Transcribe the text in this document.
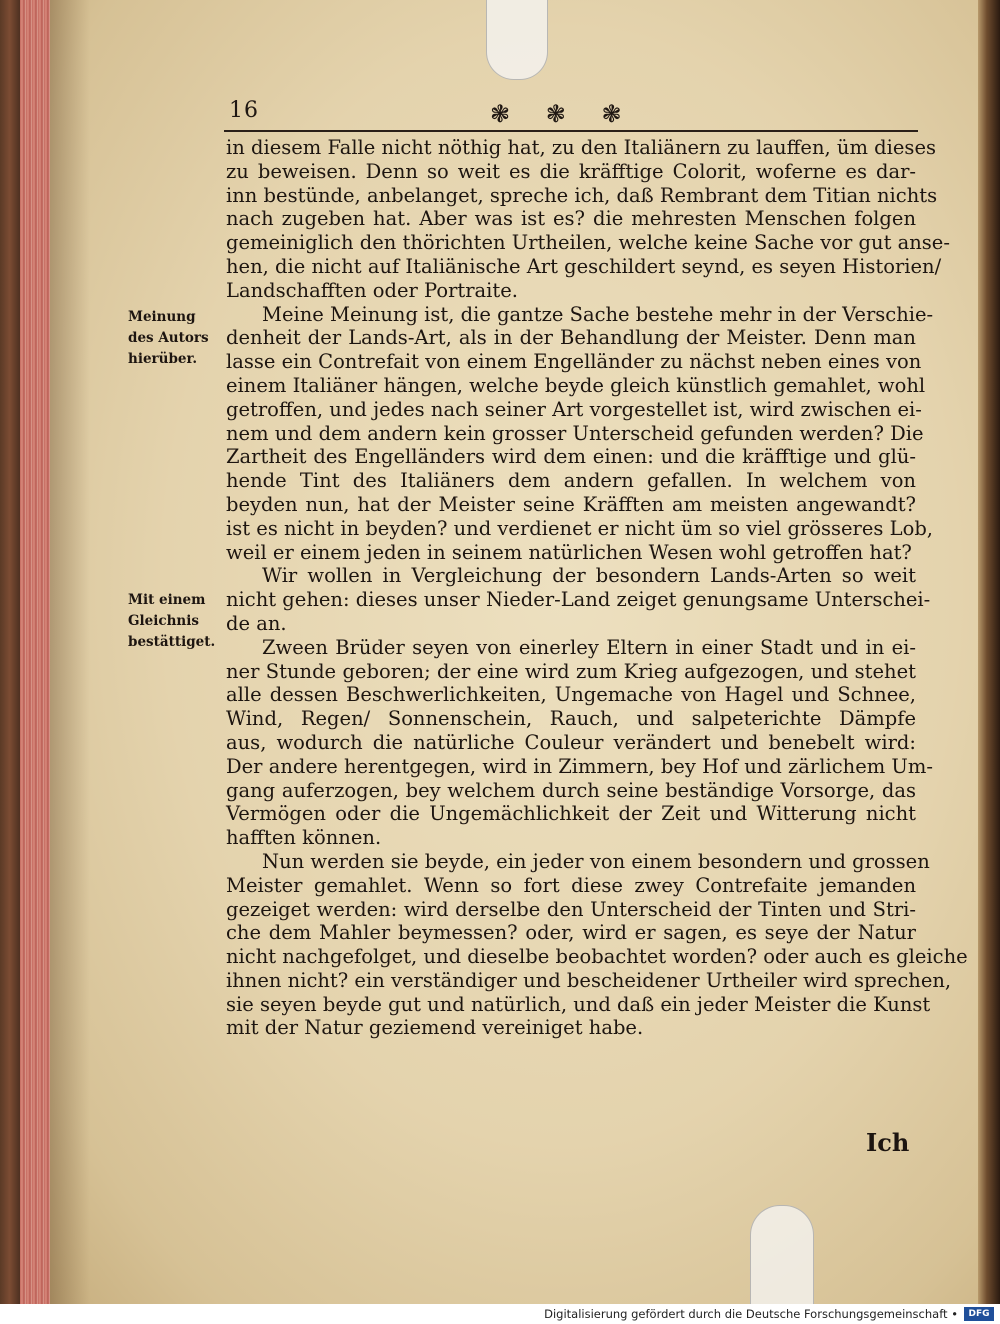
16	❃ ❃ ❃
Meinung
des Autors
hierüber.
Mit einem
Gleichnis
bestättiget.
in diesem Falle nicht nöthig hat, zu den Italiänern zu lauffen, üm dieses
zu beweisen. Denn so weit es die kräfftige Colorit, woferne es dar-
inn bestünde, anbelanget, spreche ich, daß Rembrant dem Titian nichts
nach zugeben hat. Aber was ist es? die mehresten Menschen folgen
gemeiniglich den thörichten Urtheilen, welche keine Sache vor gut anse-
hen, die nicht auf Italiänische Art geschildert seynd, es seyen Historien/
Landschafften oder Portraite.
Meine Meinung ist, die gantze Sache bestehe mehr in der Verschie-
denheit der Lands-Art, als in der Behandlung der Meister. Denn man
lasse ein Contrefait von einem Engelländer zu nächst neben eines von
einem Italiäner hängen, welche beyde gleich künstlich gemahlet, wohl
getroffen, und jedes nach seiner Art vorgestellet ist, wird zwischen ei-
nem und dem andern kein grosser Unterscheid gefunden werden? Die
Zartheit des Engelländers wird dem einen: und die kräfftige und glü-
hende Tint des Italiäners dem andern gefallen. In welchem von
beyden nun, hat der Meister seine Kräfften am meisten angewandt?
ist es nicht in beyden? und verdienet er nicht üm so viel grösseres Lob,
weil er einem jeden in seinem natürlichen Wesen wohl getroffen hat?
Wir wollen in Vergleichung der besondern Lands-Arten so weit
nicht gehen: dieses unser Nieder-Land zeiget genungsame Unterschei-
de an.
Zween Brüder seyen von einerley Eltern in einer Stadt und in ei-
ner Stunde geboren; der eine wird zum Krieg aufgezogen, und stehet
alle dessen Beschwerlichkeiten, Ungemache von Hagel und Schnee,
Wind, Regen/ Sonnenschein, Rauch, und salpeterichte Dämpfe
aus, wodurch die natürliche Couleur verändert und benebelt wird:
Der andere herentgegen, wird in Zimmern, bey Hof und zärlichem Um-
gang auferzogen, bey welchem durch seine beständige Vorsorge, das
Vermögen oder die Ungemächlichkeit der Zeit und Witterung nicht
hafften können.
Nun werden sie beyde, ein jeder von einem besondern und grossen
Meister gemahlet. Wenn so fort diese zwey Contrefaite jemanden
gezeiget werden: wird derselbe den Unterscheid der Tinten und Stri-
che dem Mahler beymessen? oder, wird er sagen, es seye der Natur
nicht nachgefolget, und dieselbe beobachtet worden? oder auch es gleiche
ihnen nicht? ein verständiger und bescheidener Urtheiler wird sprechen,
sie seyen beyde gut und natürlich, und daß ein jeder Meister die Kunst
mit der Natur geziemend vereiniget habe.
Ich
Digitalisierung gefördert durch die Deutsche Forschungsgemeinschaft •	DFG
